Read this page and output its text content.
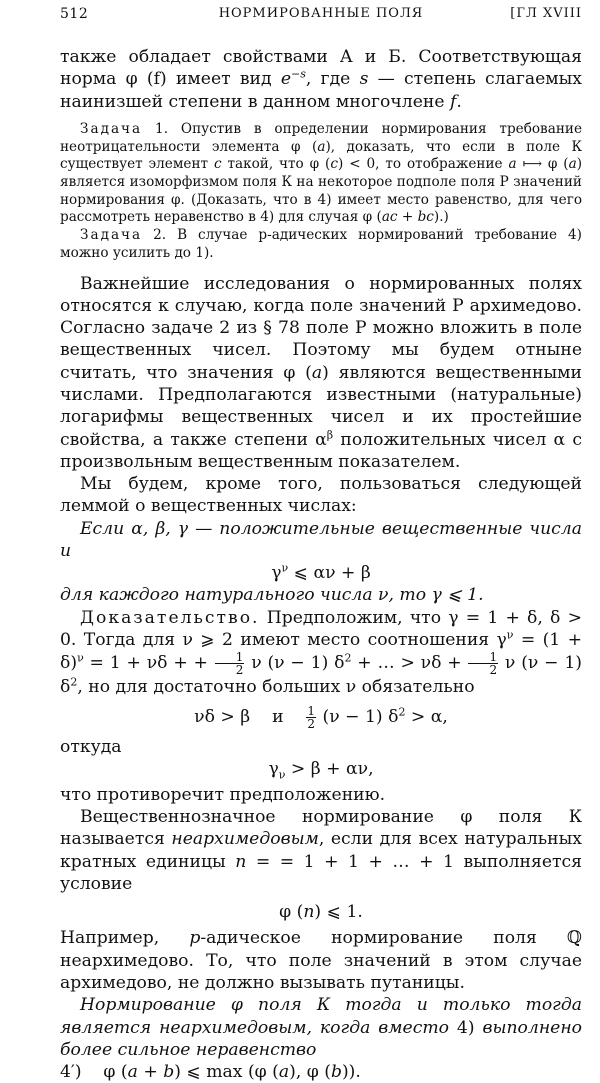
512	НОРМИРОВАННЫЕ ПОЛЯ	[ГЛ XVIII

также обладает свойствами А и Б. Соответствующая норма φ (f) имеет вид $e^{-s}$, где s — степень слагаемых наинизшей степени в данном многочлене f.

Задача 1. Опустив в определении нормирования требование неотрицательности элемента φ (a), доказать, что если в поле К существует элемент c такой, что φ (c) < 0, то отображение a ⟼ φ (a) является изоморфизмом поля К на некоторое подполе поля Р значений нормирования φ. (Доказать, что в 4) имеет место равенство, для чего рассмотреть неравенство в 4) для случая φ (ac + bc).)

Задача 2. В случае p-адических нормирований требование 4) можно усилить до 1).

Важнейшие исследования о нормированных полях относятся к случаю, когда поле значений Р архимедово. Согласно задаче 2 из § 78 поле Р можно вложить в поле вещественных чисел. Поэтому мы будем отныне считать, что значения φ (a) являются вещественными числами. Предполагаются известными (натуральные) логарифмы вещественных чисел и их простейшие свойства, а также степени $\alpha^\beta$ положительных чисел α с произвольным вещественным показателем.

Мы будем, кроме того, пользоваться следующей леммой о вещественных числах:

Если α, β, γ — положительные вещественные числа и

$\gamma^\nu$ ⩽ αν + β

для каждого натурального числа ν, то γ ⩽ 1.

Доказательство. Предположим, что γ = 1 + δ, δ > 0. Тогда для ν ⩾ 2 имеют место соотношения $\gamma^\nu = (1 + \delta)^\nu = 1 + \nu\delta$ + + $\frac{1}{2}$ ν (ν − 1) $\delta^2$ + … > $\nu\delta + \frac{1}{2}$ ν (ν − 1) $\delta^2$, но для достаточно больших ν обязательно

νδ > β    и $\frac{1}{2} (\nu - 1) \delta^2 > \alpha$,

откуда

$\gamma_\nu > \beta + \alpha\nu$,

что противоречит предположению.

Вещественнозначное нормирование φ поля К называется неархимедовым, если для всех натуральных кратных единицы n = = 1 + 1 + … + 1 выполняется условие

φ (n) ⩽ 1.

Например, p-адическое нормирование поля ℚ неархимедово. То, что поле значений в этом случае архимедово, не должно вызывать путаницы.

Нормирование φ поля К тогда и только тогда является неархимедовым, когда вместо 4) выполнено более сильное неравенство

4′)    φ (a + b) ⩽ max (φ (a), φ (b)).
